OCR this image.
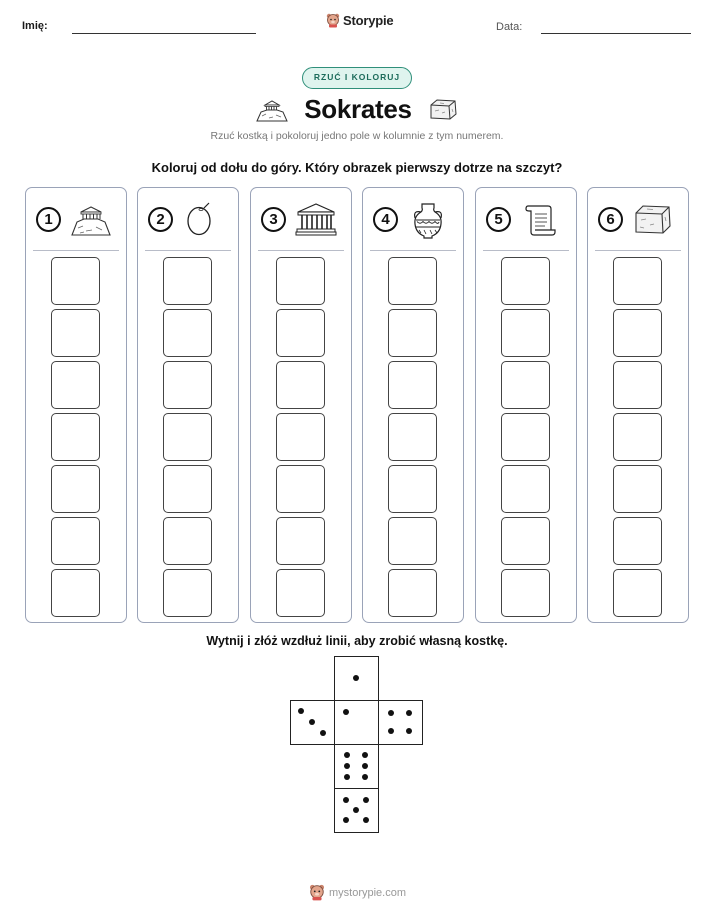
Imię:	Storypie	Data:
RZUĆ I KOLORUJ
Sokrates
Rzuć kostką i pokoloruj jedno pole w kolumnie z tym numerem.
Koloruj od dołu do góry. Który obrazek pierwszy dotrze na szczyt?
1	2	3	4	5	6
Wytnij i złóż wzdłuż linii, aby zrobić własną kostkę.
mystorypie.com
